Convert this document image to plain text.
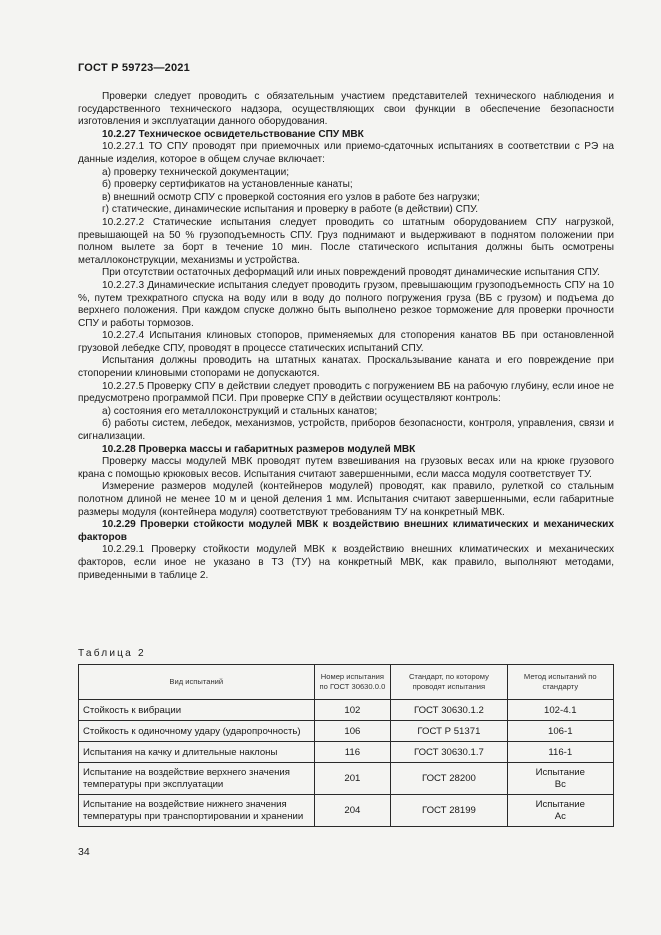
ГОСТ Р 59723—2021

Проверки следует проводить с обязательным участием представителей технического наблюдения и государственного технического надзора, осуществляющих свои функции в обеспечение безопасности изготовления и эксплуатации данного оборудования.

10.2.27 Техническое освидетельствование СПУ МВК

10.2.27.1 ТО СПУ проводят при приемочных или приемо-сдаточных испытаниях в соответствии с РЭ на данные изделия, которое в общем случае включает:

а) проверку технической документации;

б) проверку сертификатов на установленные канаты;

в) внешний осмотр СПУ с проверкой состояния его узлов в работе без нагрузки;

г) статические, динамические испытания и проверку в работе (в действии) СПУ.

10.2.27.2 Статические испытания следует проводить со штатным оборудованием СПУ нагрузкой, превышающей на 50 % грузоподъемность СПУ. Груз поднимают и выдерживают в поднятом положении при полном вылете за борт в течение 10 мин. После статического испытания должны быть осмотрены металлоконструкции, механизмы и устройства.

При отсутствии остаточных деформаций или иных повреждений проводят динамические испытания СПУ.

10.2.27.3 Динамические испытания следует проводить грузом, превышающим грузоподъемность СПУ на 10 %, путем трехкратного спуска на воду или в воду до полного погружения груза (ВБ с грузом) и подъема до верхнего положения. При каждом спуске должно быть выполнено резкое торможение для проверки прочности СПУ и работы тормозов.

10.2.27.4 Испытания клиновых стопоров, применяемых для стопорения канатов ВБ при остановленной грузовой лебедке СПУ, проводят в процессе статических испытаний СПУ.

Испытания должны проводить на штатных канатах. Проскальзывание каната и его повреждение при стопорении клиновыми стопорами не допускаются.

10.2.27.5 Проверку СПУ в действии следует проводить с погружением ВБ на рабочую глубину, если иное не предусмотрено программой ПСИ. При проверке СПУ в действии осуществляют контроль:

а) состояния его металлоконструкций и стальных канатов;

б) работы систем, лебедок, механизмов, устройств, приборов безопасности, контроля, управления, связи и сигнализации.

10.2.28 Проверка массы и габаритных размеров модулей МВК

Проверку массы модулей МВК проводят путем взвешивания на грузовых весах или на крюке грузового крана с помощью крюковых весов. Испытания считают завершенными, если масса модуля соответствует ТУ.

Измерение размеров модулей (контейнеров модулей) проводят, как правило, рулеткой со стальным полотном длиной не менее 10 м и ценой деления 1 мм. Испытания считают завершенными, если габаритные размеры модуля (контейнера модуля) соответствуют требованиям ТУ на конкретный МВК.

10.2.29 Проверки стойкости модулей МВК к воздействию внешних климатических и механических факторов

10.2.29.1 Проверку стойкости модулей МВК к воздействию внешних климатических и механических факторов, если иное не указано в ТЗ (ТУ) на конкретный МВК, как правило, выполняют методами, приведенными в таблице 2.

Таблица 2
Вид испытаний	Номер испытания по ГОСТ 30630.0.0	Стандарт, по которому проводят испытания	Метод испытаний по стандарту
Стойкость к вибрации	102	ГОСТ 30630.1.2	102-4.1
Стойкость к одиночному удару (ударопрочность)	106	ГОСТ Р 51371	106-1
Испытания на качку и длительные наклоны	116	ГОСТ 30630.1.7	116-1
Испытание на воздействие верхнего значения температуры при эксплуатации	201	ГОСТ 28200	Испытание Вс
Испытание на воздействие нижнего значения температуры при транспортировании и хранении	204	ГОСТ 28199	Испытание Ас
34
